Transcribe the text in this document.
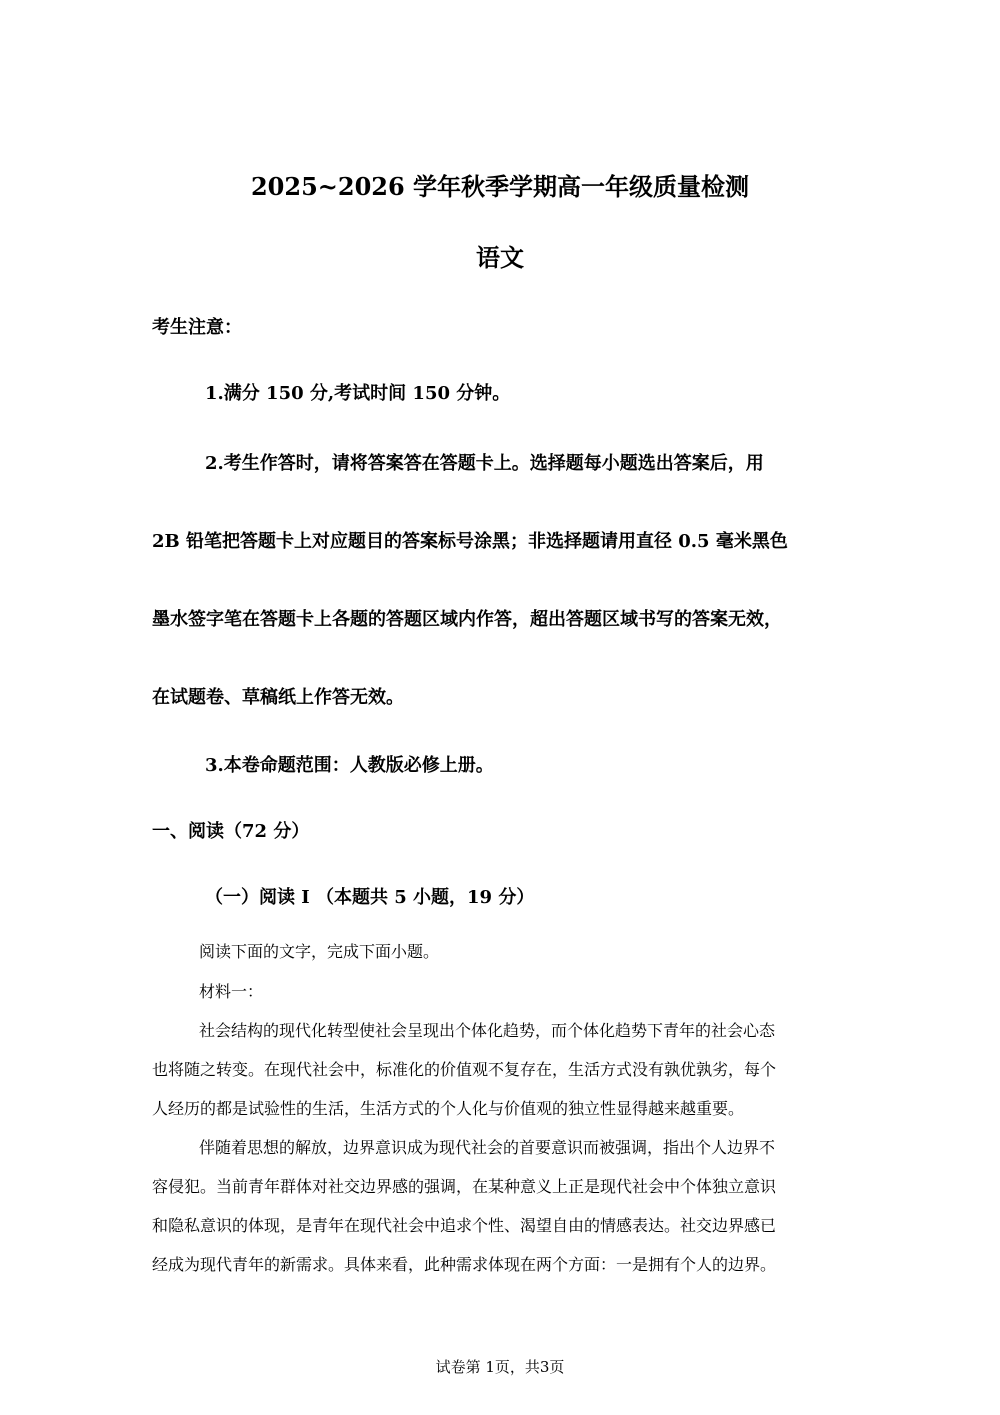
2025~2026 学年秋季学期高一年级质量检测
语文
考生注意：
1.满分 150 分,考试时间 150 分钟。
2.考生作答时，请将答案答在答题卡上。选择题每小题选出答案后，用
2B 铅笔把答题卡上对应题目的答案标号涂黑；非选择题请用直径 0.5 毫米黑色
墨水签字笔在答题卡上各题的答题区域内作答，超出答题区域书写的答案无效，
在试题卷、草稿纸上作答无效。
3.本卷命题范围：人教版必修上册。
一、阅读（72 分）
（一）阅读 I （本题共 5 小题，19 分）
阅读下面的文字，完成下面小题。
材料一：
社会结构的现代化转型使社会呈现出个体化趋势，而个体化趋势下青年的社会心态
也将随之转变。在现代社会中，标准化的价值观不复存在，生活方式没有孰优孰劣，每个
人经历的都是试验性的生活，生活方式的个人化与价值观的独立性显得越来越重要。
伴随着思想的解放，边界意识成为现代社会的首要意识而被强调，指出个人边界不
容侵犯。当前青年群体对社交边界感的强调，在某种意义上正是现代社会中个体独立意识
和隐私意识的体现，是青年在现代社会中追求个性、渴望自由的情感表达。社交边界感已
经成为现代青年的新需求。具体来看，此种需求体现在两个方面：一是拥有个人的边界。
试卷第 1页，共3页
